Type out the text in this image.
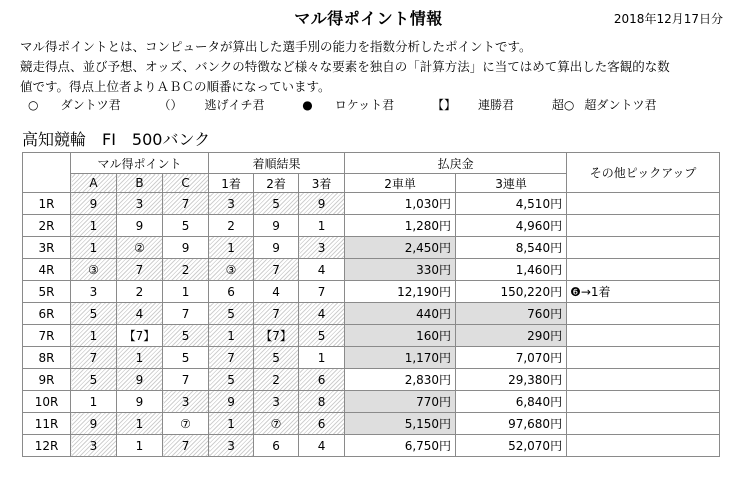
マル得ポイント情報	2018年12月17日分
マル得ポイントとは、コンピュータが算出した選手別の能力を指数分析したポイントです。
競走得点、並び予想、オッズ、バンクの特徴など様々な要素を独自の「計算方法」に当てはめて算出した客観的な数
値です。得点上位者よりＡＢＣの順番になっています。
○ ダントツ君	（） 逃げイチ君	● ロケット君	【】 連勝君	超○ 超ダントツ君
高知競輪　FI　500バンク
	マル得ポイント			着順結果			払戻金		その他ピックアップ
	A	B	C	1着	2着	3着	2車単	3連単	
1R	9	3	7	3	5	9	1,030円	4,510円	
2R	1	9	5	2	9	1	1,280円	4,960円	
3R	1	②	9	1	9	3	2,450円	8,540円	
4R	③	7	2	③	7	4	330円	1,460円	
5R	3	2	1	6	4	7	12,190円	150,220円	❻→1着
6R	5	4	7	5	7	4	440円	760円	
7R	1	【7】	5	1	【7】	5	160円	290円	
8R	7	1	5	7	5	1	1,170円	7,070円	
9R	5	9	7	5	2	6	2,830円	29,380円	
10R	1	9	3	9	3	8	770円	6,840円	
11R	9	1	⑦	1	⑦	6	5,150円	97,680円	
12R	3	1	7	3	6	4	6,750円	52,070円	
